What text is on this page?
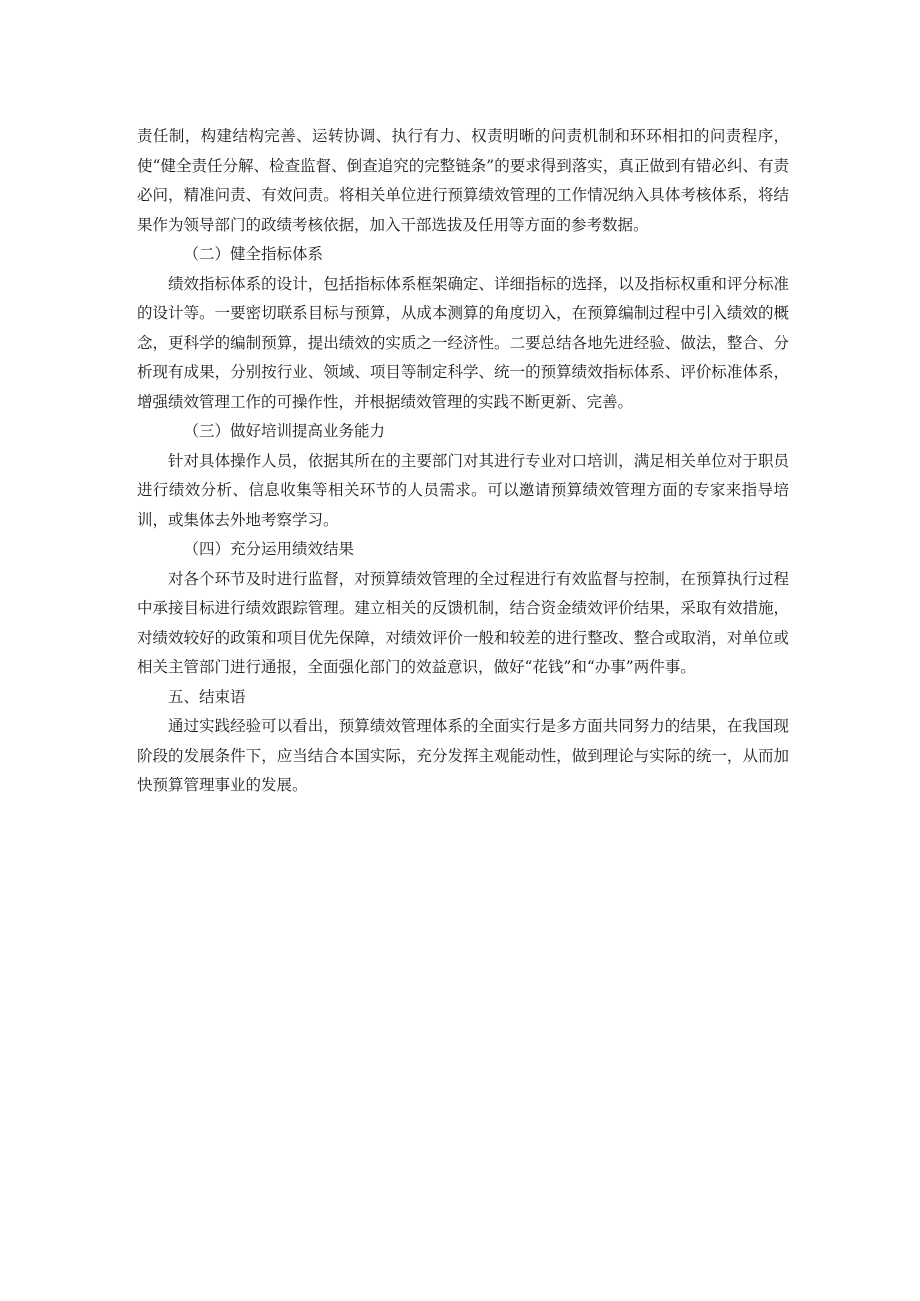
责任制，构建结构完善、运转协调、执行有力、权责明晰的问责机制和环环相扣的问责程序，使“健全责任分解、检查监督、倒查追究的完整链条”的要求得到落实，真正做到有错必纠、有责必问，精准问责、有效问责。将相关单位进行预算绩效管理的工作情况纳入具体考核体系，将结果作为领导部门的政绩考核依据，加入干部选拔及任用等方面的参考数据。

（二）健全指标体系

绩效指标体系的设计，包括指标体系框架确定、详细指标的选择，以及指标权重和评分标准的设计等。一要密切联系目标与预算，从成本测算的角度切入，在预算编制过程中引入绩效的概念，更科学的编制预算，提出绩效的实质之一经济性。二要总结各地先进经验、做法，整合、分析现有成果，分别按行业、领域、项目等制定科学、统一的预算绩效指标体系、评价标准体系，增强绩效管理工作的可操作性，并根据绩效管理的实践不断更新、完善。

（三）做好培训提高业务能力

针对具体操作人员，依据其所在的主要部门对其进行专业对口培训，满足相关单位对于职员进行绩效分析、信息收集等相关环节的人员需求。可以邀请预算绩效管理方面的专家来指导培训，或集体去外地考察学习。

（四）充分运用绩效结果

对各个环节及时进行监督，对预算绩效管理的全过程进行有效监督与控制，在预算执行过程中承接目标进行绩效跟踪管理。建立相关的反馈机制，结合资金绩效评价结果，采取有效措施，对绩效较好的政策和项目优先保障，对绩效评价一般和较差的进行整改、整合或取消，对单位或相关主管部门进行通报，全面强化部门的效益意识，做好“花钱”和“办事”两件事。

五、结束语

通过实践经验可以看出，预算绩效管理体系的全面实行是多方面共同努力的结果，在我国现阶段的发展条件下，应当结合本国实际，充分发挥主观能动性，做到理论与实际的统一，从而加快预算管理事业的发展。
